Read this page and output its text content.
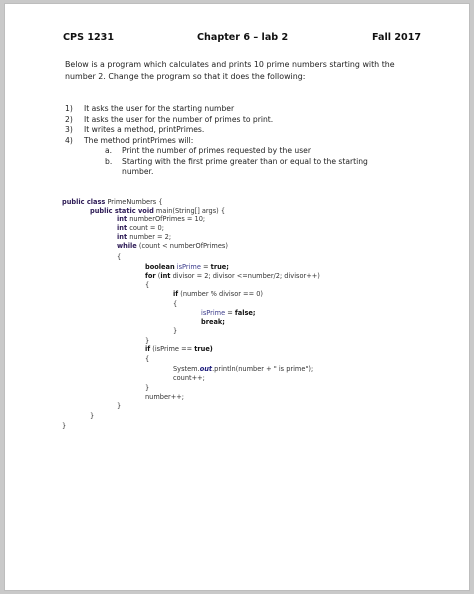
CPS 1231	Chapter 6 – lab 2	Fall 2017

Below is a program which calculates and prints 10 prime numbers starting with the number 2. Change the program so that it does the following:

1) It asks the user for the starting number
2) It asks the user for the number of primes to print.
3) It writes a method, printPrimes.
4) The method printPrimes will:
a. Print the number of primes requested by the user
b. Starting with the first prime greater than or equal to the starting
number.
public class PrimeNumbers {
public static void main(String[] args) {
int numberOfPrimes = 10;
int count = 0;
int number = 2;
while (count < numberOfPrimes)
{
boolean isPrime = true;
for (int divisor = 2; divisor <=number/2; divisor++)
{
if (number % divisor == 0)
{
isPrime = false;
break;
}
}
if (isPrime == true)
{
System.out.println(number + " is prime");
count++;
}
number++;
}
}
}
